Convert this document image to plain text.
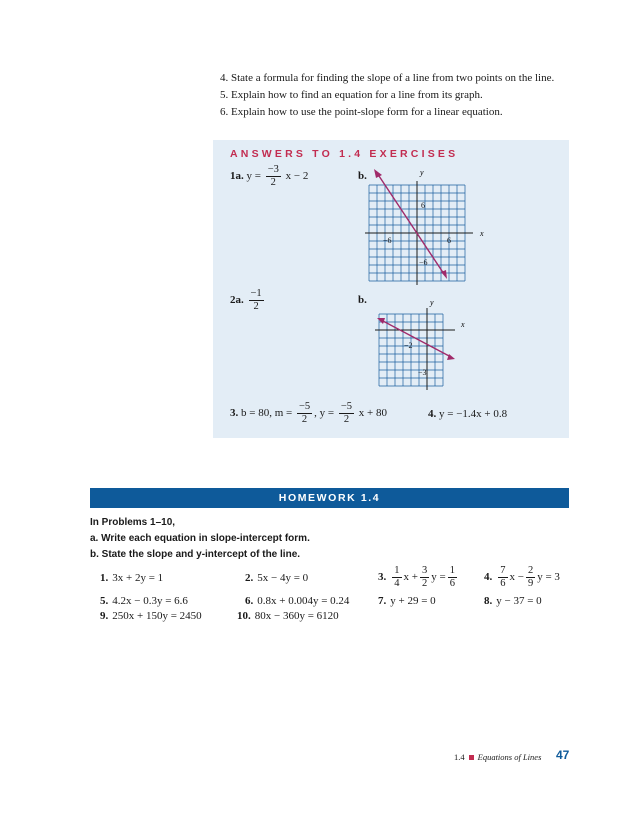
4. State a formula for finding the slope of a line from two points on the line.
5. Explain how to find an equation for a line from its graph.
6. Explain how to use the point-slope form for a linear equation.
ANSWERS TO 1.4 EXERCISES
1a. $y = \frac{-3}{2}$ x − 2	b.	y
x
6
−6
−6	6
2a. $\frac{-1}{2}$	b.	y
x
−2
−3
3. b = 80, $m = \frac{-5}{2}$ , $y = \frac{-5}{2}$ x + 80	4. y = −1.4x + 0.8
HOMEWORK 1.4
In Problems 1–10,
a. Write each equation in slope-intercept form.
b. State the slope and y-intercept of the line.
1. 3x + 2y = 1	2. 5x − 4y = 0	3. $\frac{1}{4}$ $x + \frac{3}{2}$ $y = \frac{1}{6} 4$. $\frac{7}{6}$ $x - \frac{2}{9}$ y = 3
5. 4.2x − 0.3y = 6.6	6. 0.8x + 0.004y = 0.24	7. y + 29 = 0	8. y − 37 = 0
9. 250x + 150y = 2450	10. 80x − 360y = 6120
1.4 Equations of Lines 47
